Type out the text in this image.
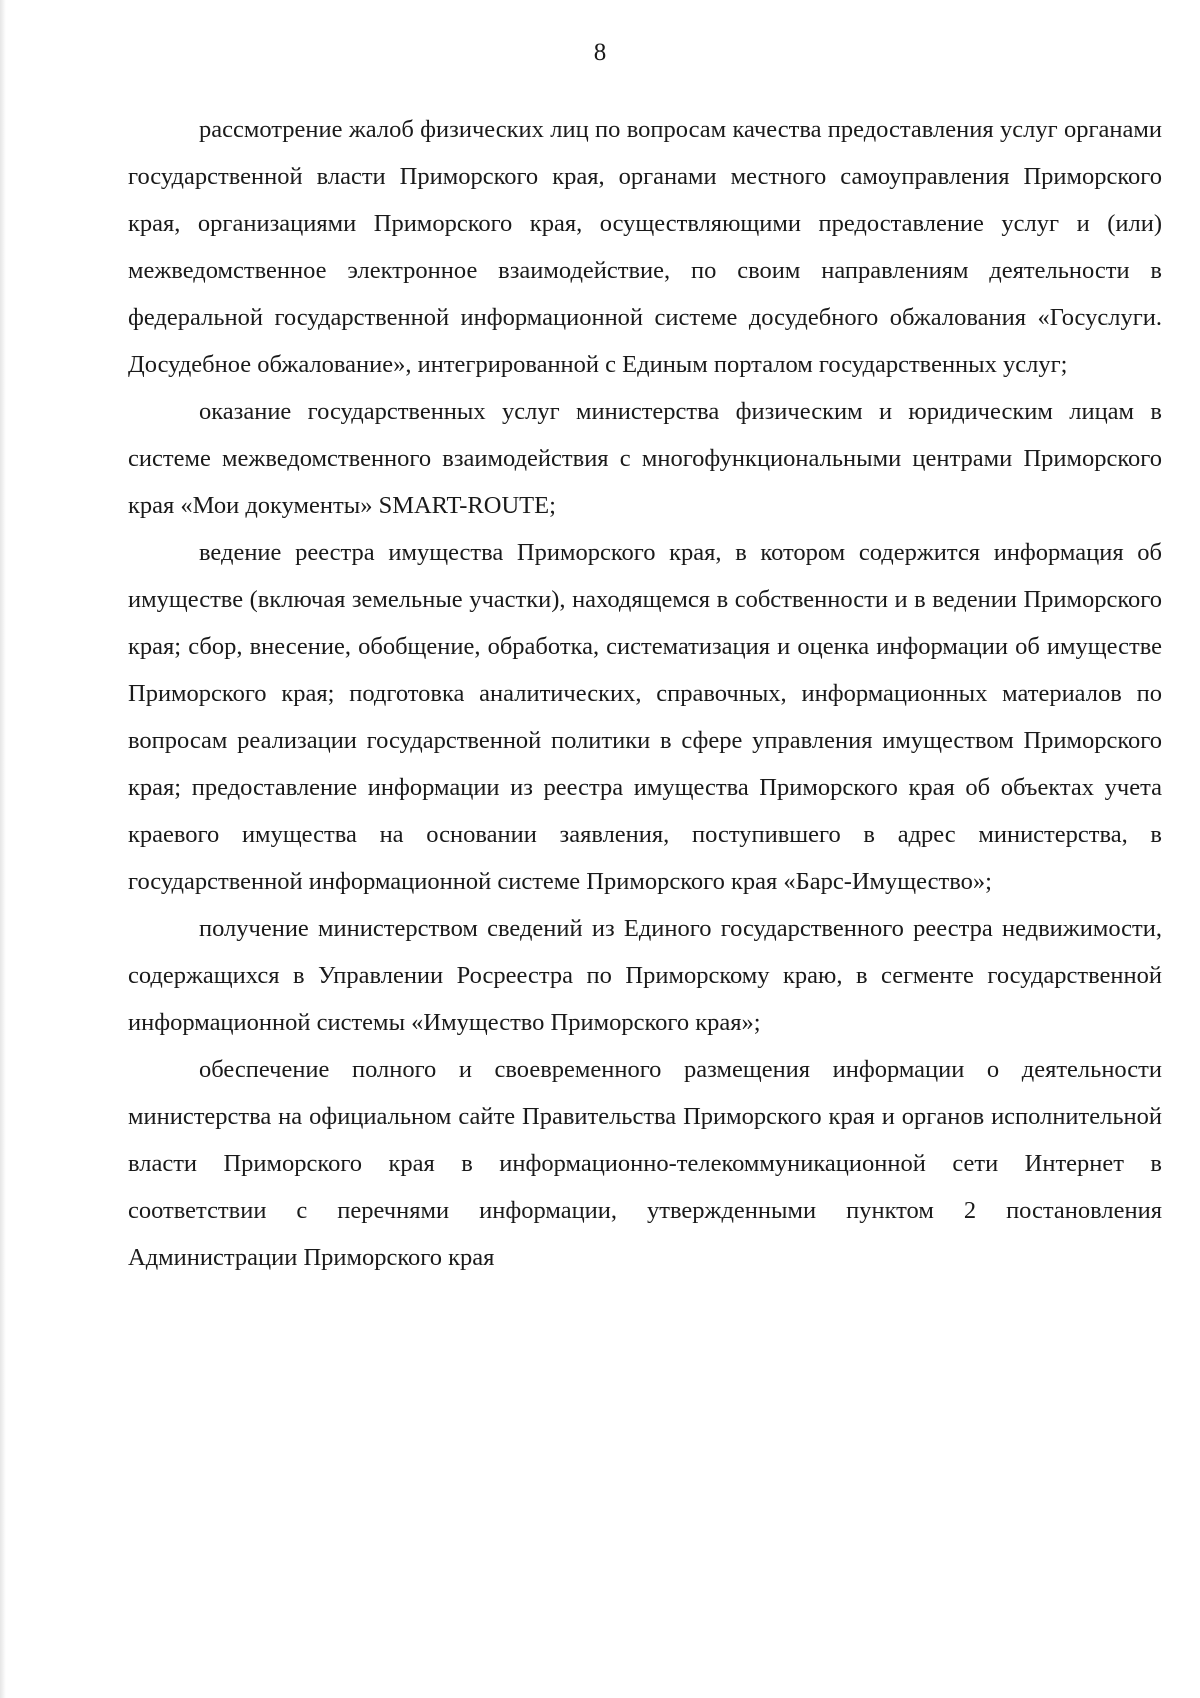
8

рассмотрение жалоб физических лиц по вопросам качества предоставления услуг органами государственной власти Приморского края, органами местного самоуправления Приморского края, организациями Приморского края, осуществляющими предоставление услуг и (или) межведомственное электронное взаимодействие, по своим направлениям деятельности в федеральной государственной информационной системе досудебного обжалования «Госуслуги. Досудебное обжалование», интегрированной с Единым порталом государственных услуг;

оказание государственных услуг министерства физическим и юридическим лицам в системе межведомственного взаимодействия с многофункциональными центрами Приморского края «Мои документы» SMART-ROUTE;

ведение реестра имущества Приморского края, в котором содержится информация об имуществе (включая земельные участки), находящемся в собственности и в ведении Приморского края; сбор, внесение, обобщение, обработка, систематизация и оценка информации об имуществе Приморского края; подготовка аналитических, справочных, информационных материалов по вопросам реализации государственной политики в сфере управления имуществом Приморского края; предоставление информации из реестра имущества Приморского края об объектах учета краевого имущества на основании заявления, поступившего в адрес министерства, в государственной информационной системе Приморского края «Барс-Имущество»;

получение министерством сведений из Единого государственного реестра недвижимости, содержащихся в Управлении Росреестра по Приморскому краю, в сегменте государственной информационной системы «Имущество Приморского края»;

обеспечение полного и своевременного размещения информации о деятельности министерства на официальном сайте Правительства Приморского края и органов исполнительной власти Приморского края в информационно-телекоммуникационной сети Интернет в соответствии с перечнями информации, утвержденными пунктом 2 постановления Администрации Приморского края
